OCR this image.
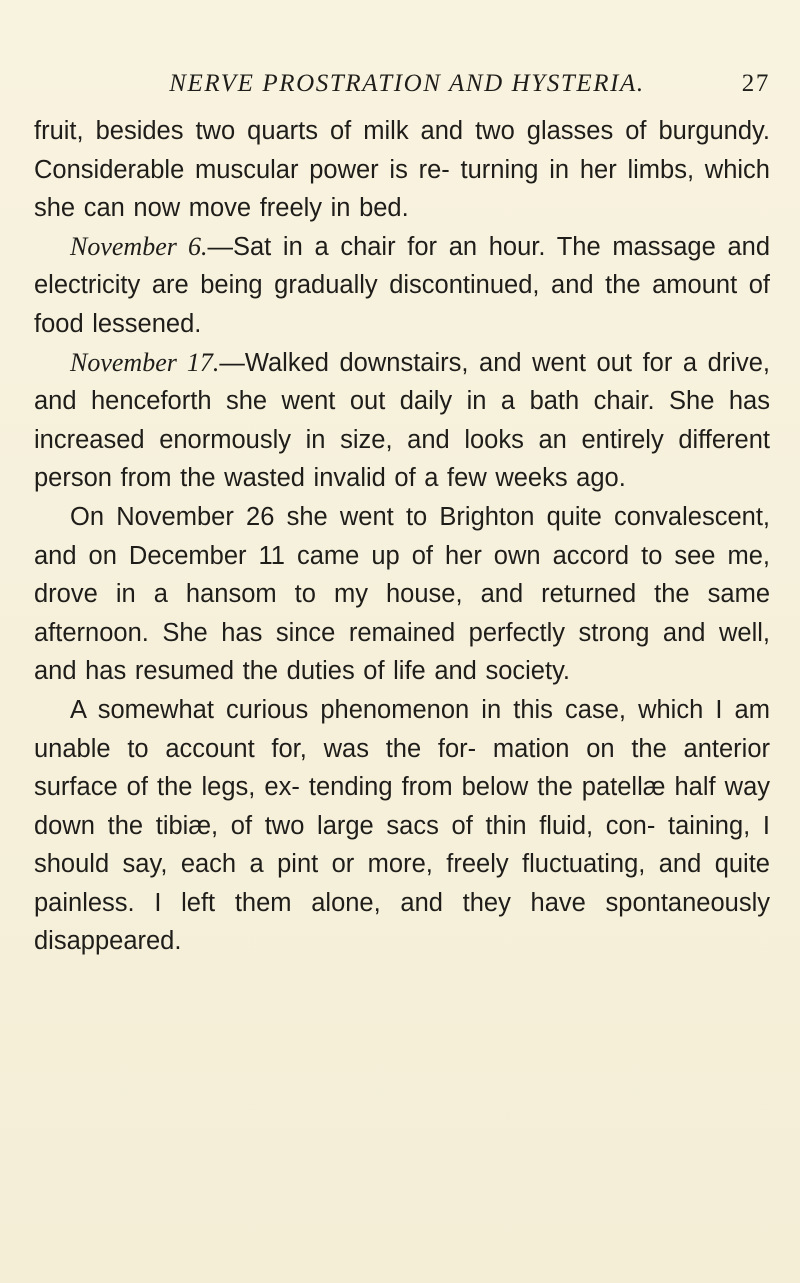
NERVE PROSTRATION AND HYSTERIA.	27

fruit, besides two quarts of milk and two glasses of burgundy. Considerable muscular power is re- turning in her limbs, which she can now move freely in bed.

November 6.—Sat in a chair for an hour. The massage and electricity are being gradually discontinued, and the amount of food lessened.

November 17.—Walked downstairs, and went out for a drive, and henceforth she went out daily in a bath chair. She has increased enormously in size, and looks an entirely different person from the wasted invalid of a few weeks ago.

On November 26 she went to Brighton quite convalescent, and on December 11 came up of her own accord to see me, drove in a hansom to my house, and returned the same afternoon. She has since remained perfectly strong and well, and has resumed the duties of life and society.

A somewhat curious phenomenon in this case, which I am unable to account for, was the for- mation on the anterior surface of the legs, ex- tending from below the patellæ half way down the tibiæ, of two large sacs of thin fluid, con- taining, I should say, each a pint or more, freely fluctuating, and quite painless. I left them alone, and they have spontaneously disappeared.
